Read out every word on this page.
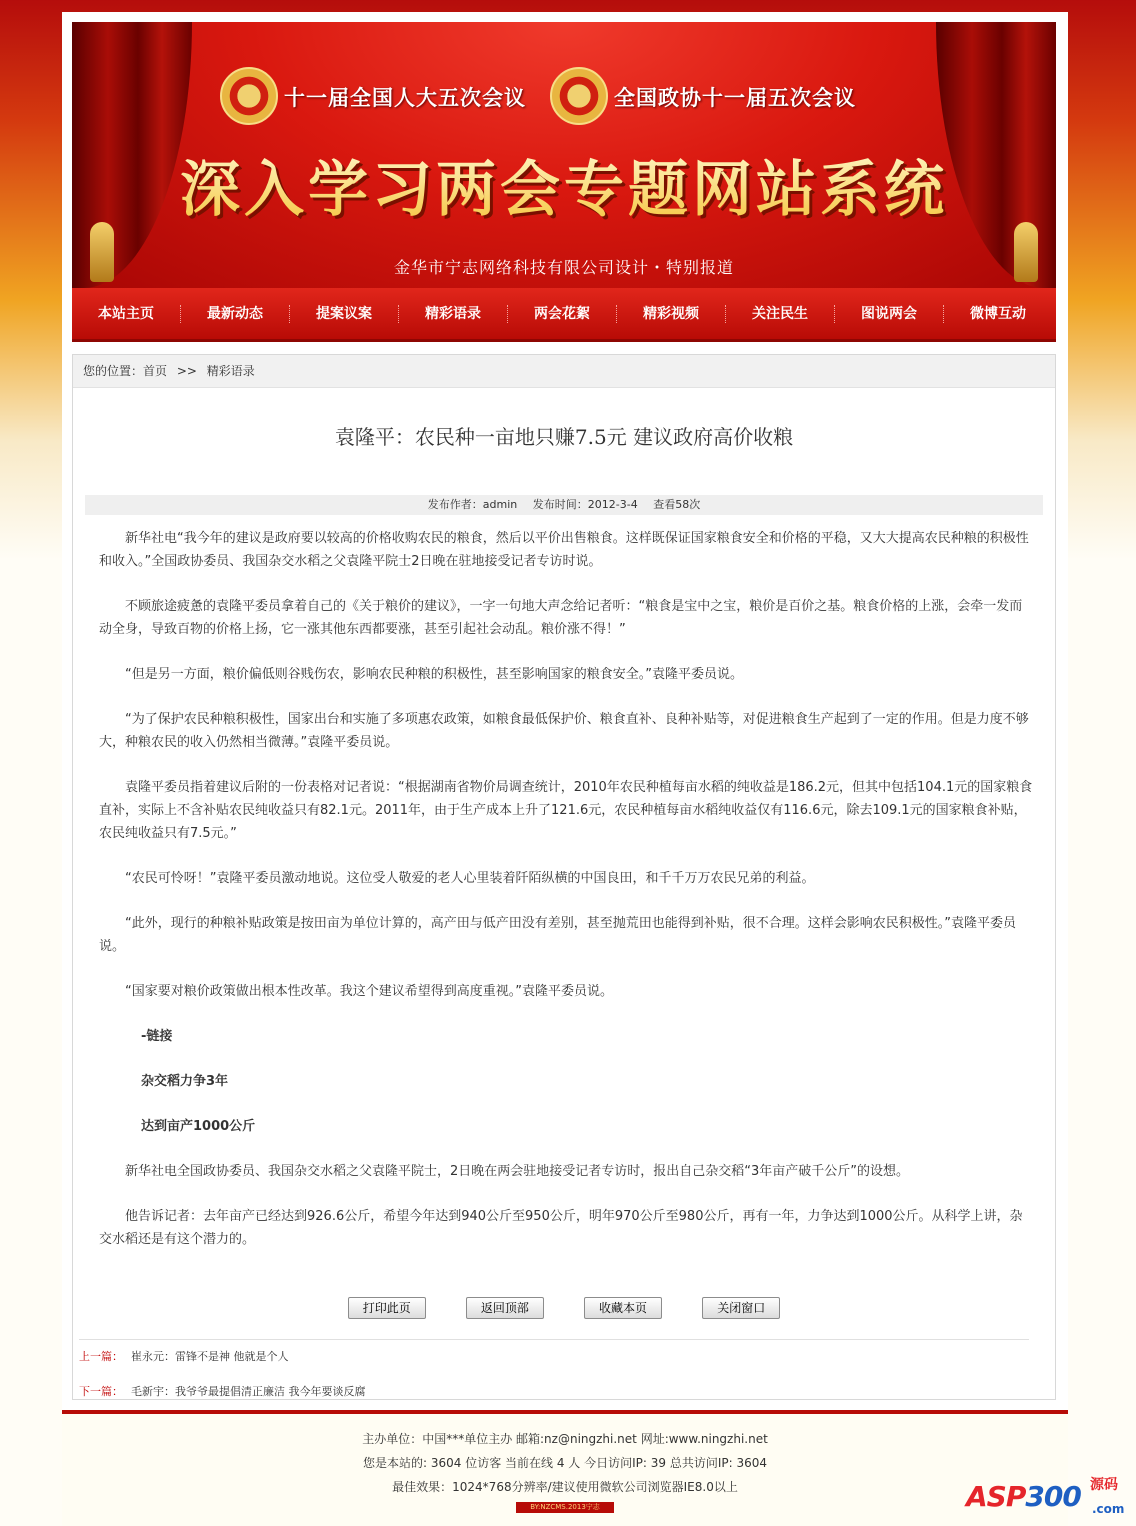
十一届全国人大五次会议	全国政协十一届五次会议
深入学习两会专题网站系统
金华市宁志网络科技有限公司设计・特别报道
本站主页	最新动态	提案议案	精彩语录	两会花絮	精彩视频	关注民生	图说两会	微博互动
您的位置：首页 >> 精彩语录
袁隆平：农民种一亩地只赚7.5元 建议政府高价收粮
发布作者：admin 发布时间：2012-3-4 查看58次

新华社电“我今年的建议是政府要以较高的价格收购农民的粮食，然后以平价出售粮食。这样既保证国家粮食安全和价格的平稳，又大大提高农民种粮的积极性和收入。”全国政协委员、我国杂交水稻之父袁隆平院士2日晚在驻地接受记者专访时说。

不顾旅途疲惫的袁隆平委员拿着自己的《关于粮价的建议》，一字一句地大声念给记者听：“粮食是宝中之宝，粮价是百价之基。粮食价格的上涨，会牵一发而动全身，导致百物的价格上扬，它一涨其他东西都要涨，甚至引起社会动乱。粮价涨不得！”

“但是另一方面，粮价偏低则谷贱伤农，影响农民种粮的积极性，甚至影响国家的粮食安全。”袁隆平委员说。

“为了保护农民种粮积极性，国家出台和实施了多项惠农政策，如粮食最低保护价、粮食直补、良种补贴等，对促进粮食生产起到了一定的作用。但是力度不够大，种粮农民的收入仍然相当微薄。”袁隆平委员说。

袁隆平委员指着建议后附的一份表格对记者说：“根据湖南省物价局调查统计，2010年农民种植每亩水稻的纯收益是186.2元，但其中包括104.1元的国家粮食直补，实际上不含补贴农民纯收益只有82.1元。2011年，由于生产成本上升了121.6元，农民种植每亩水稻纯收益仅有116.6元，除去109.1元的国家粮食补贴，农民纯收益只有7.5元。”

“农民可怜呀！”袁隆平委员激动地说。这位受人敬爱的老人心里装着阡陌纵横的中国良田，和千千万万农民兄弟的利益。

“此外，现行的种粮补贴政策是按田亩为单位计算的，高产田与低产田没有差别，甚至抛荒田也能得到补贴，很不合理。这样会影响农民积极性。”袁隆平委员说。

“国家要对粮价政策做出根本性改革。我这个建议希望得到高度重视。”袁隆平委员说。

-链接

杂交稻力争3年

达到亩产1000公斤

新华社电全国政协委员、我国杂交水稻之父袁隆平院士，2日晚在两会驻地接受记者专访时，报出自己杂交稻“3年亩产破千公斤”的设想。

他告诉记者：去年亩产已经达到926.6公斤，希望今年达到940公斤至950公斤，明年970公斤至980公斤，再有一年，力争达到1000公斤。从科学上讲，杂交水稻还是有这个潜力的。

打印此页	返回顶部	收藏本页	关闭窗口
上一篇： 崔永元：雷锋不是神 他就是个人
下一篇： 毛新宇：我爷爷最提倡清正廉洁 我今年要谈反腐
主办单位：中国***单位主办 邮箱:nz@ningzhi.net 网址:www.ningzhi.net
您是本站的: 3604 位访客 当前在线 4 人 今日访问IP: 39 总共访问IP: 3604
最佳效果：1024*768分辨率/建议使用微软公司浏览器IE8.0以上
BY:NZCMS.2013宁志	ASP300 源码
.com
